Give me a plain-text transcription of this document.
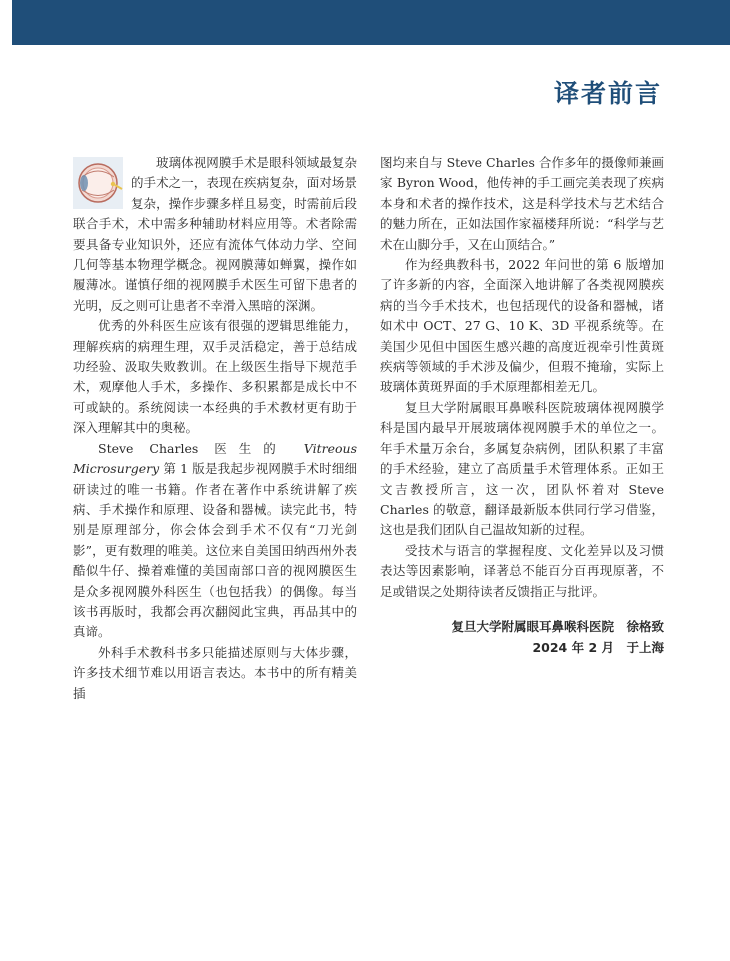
译者前言

玻璃体视网膜手术是眼科领域最复杂的手术之一，表现在疾病复杂，面对场景复杂，操作步骤多样且易变，时需前后段联合手术，术中需多种辅助材料应用等。术者除需要具备专业知识外，还应有流体气体动力学、空间几何等基本物理学概念。视网膜薄如蝉翼，操作如履薄冰。谨慎仔细的视网膜手术医生可留下患者的光明，反之则可让患者不幸滑入黑暗的深渊。

优秀的外科医生应该有很强的逻辑思维能力，理解疾病的病理生理，双手灵活稳定，善于总结成功经验、汲取失败教训。在上级医生指导下规范手术，观摩他人手术，多操作、多积累都是成长中不可或缺的。系统阅读一本经典的手术教材更有助于深入理解其中的奥秘。

Steve Charles 医生的 Vitreous Microsurgery 第 1 版是我起步视网膜手术时细细研读过的唯一书籍。作者在著作中系统讲解了疾病、手术操作和原理、设备和器械。读完此书，特别是原理部分，你会体会到手术不仅有“刀光剑影”，更有数理的唯美。这位来自美国田纳西州外表酷似牛仔、操着难懂的美国南部口音的视网膜医生是众多视网膜外科医生（也包括我）的偶像。每当该书再版时，我都会再次翻阅此宝典，再品其中的真谛。

外科手术教科书多只能描述原则与大体步骤，许多技术细节难以用语言表达。本书中的所有精美插

图均来自与 Steve Charles 合作多年的摄像师兼画家 Byron Wood，他传神的手工画完美表现了疾病本身和术者的操作技术，这是科学技术与艺术结合的魅力所在，正如法国作家福楼拜所说：“科学与艺术在山脚分手，又在山顶结合。”

作为经典教科书，2022 年问世的第 6 版增加了许多新的内容，全面深入地讲解了各类视网膜疾病的当今手术技术，也包括现代的设备和器械，诸如术中 OCT、27 G、10 K、3D 平视系统等。在美国少见但中国医生感兴趣的高度近视牵引性黄斑疾病等领域的手术涉及偏少，但瑕不掩瑜，实际上玻璃体黄斑界面的手术原理都相差无几。

复旦大学附属眼耳鼻喉科医院玻璃体视网膜学科是国内最早开展玻璃体视网膜手术的单位之一。年手术量万余台，多属复杂病例，团队积累了丰富的手术经验，建立了高质量手术管理体系。正如王文吉教授所言，这一次，团队怀着对 Steve Charles 的敬意，翻译最新版本供同行学习借鉴，这也是我们团队自己温故知新的过程。

受技术与语言的掌握程度、文化差异以及习惯表达等因素影响，译著总不能百分百再现原著，不足或错误之处期待读者反馈指正与批评。

复旦大学附属眼耳鼻喉科医院　徐格致
2024 年 2 月　于上海
